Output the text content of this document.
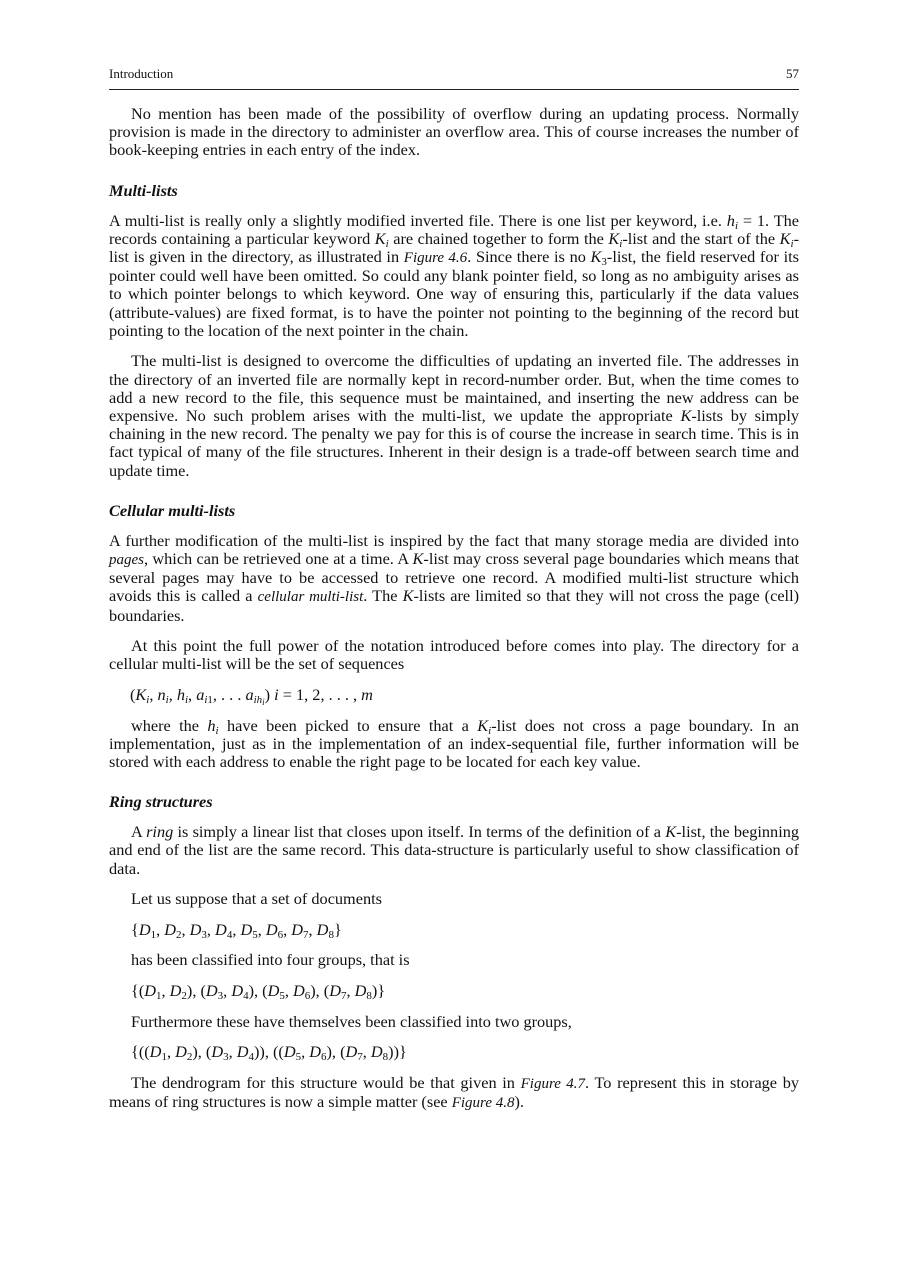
Introduction	57

No mention has been made of the possibility of overflow during an updating process. Normally provision is made in the directory to administer an overflow area. This of course increases the number of book-keeping entries in each entry of the index.

Multi-lists

A multi-list is really only a slightly modified inverted file. There is one list per keyword, i.e. $h_i = 1$. The records containing a particular keyword $K_i$ are chained together to form the $K_i$-list and the start of the $K_i$-list is given in the directory, as illustrated in Figure 4.6. Since there is no $K_3$-list, the field reserved for its pointer could well have been omitted. So could any blank pointer field, so long as no ambiguity arises as to which pointer belongs to which keyword. One way of ensuring this, particularly if the data values (attribute-values) are fixed format, is to have the pointer not pointing to the beginning of the record but pointing to the location of the next pointer in the chain.

The multi-list is designed to overcome the difficulties of updating an inverted file. The addresses in the directory of an inverted file are normally kept in record-number order. But, when the time comes to add a new record to the file, this sequence must be maintained, and inserting the new address can be expensive. No such problem arises with the multi-list, we update the appropriate K-lists by simply chaining in the new record. The penalty we pay for this is of course the increase in search time. This is in fact typical of many of the file structures. Inherent in their design is a trade-off between search time and update time.

Cellular multi-lists

A further modification of the multi-list is inspired by the fact that many storage media are divided into pages, which can be retrieved one at a time. A K-list may cross several page boundaries which means that several pages may have to be accessed to retrieve one record. A modified multi-list structure which avoids this is called a cellular multi-list. The K-lists are limited so that they will not cross the page (cell) boundaries.

At this point the full power of the notation introduced before comes into play. The directory for a cellular multi-list will be the set of sequences

($K_i$, $n_i$, $h_i$, $a_{i1}$, . . . $a_{ih_i}$) i = 1, 2, . . . , m

where the $h_i$ have been picked to ensure that a $K_i$-list does not cross a page boundary. In an implementation, just as in the implementation of an index-sequential file, further information will be stored with each address to enable the right page to be located for each key value.

Ring structures

A ring is simply a linear list that closes upon itself. In terms of the definition of a K-list, the beginning and end of the list are the same record. This data-structure is particularly useful to show classification of data.

Let us suppose that a set of documents

{$D_1$, $D_2$, $D_3$, $D_4$, $D_5$, $D_6$, $D_7$, $D_8$}

has been classified into four groups, that is

{($D_1$, $D_2$), ($D_3$, $D_4$), ($D_5$, $D_6$), ($D_7$, $D_8$)}

Furthermore these have themselves been classified into two groups,

{(($D_1$, $D_2$), ($D_3$, $D_4$)), (($D_5$, $D_6$), ($D_7$, $D_8$))}

The dendrogram for this structure would be that given in Figure 4.7. To represent this in storage by means of ring structures is now a simple matter (see Figure 4.8).
